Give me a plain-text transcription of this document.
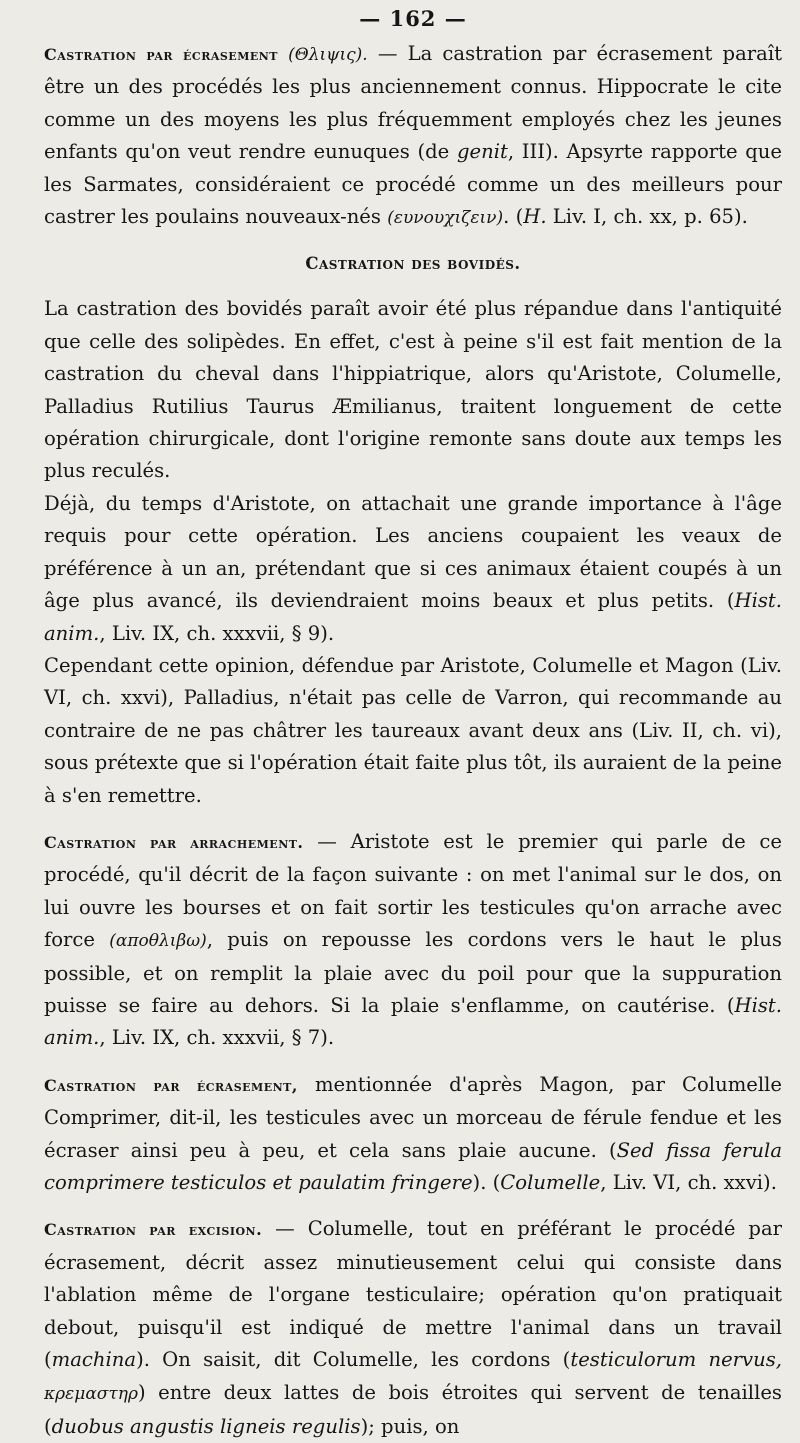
— 162 —

Castration par écrasement (Θλιψις). — La castration par écrasement paraît être un des procédés les plus anciennement connus. Hippocrate le cite comme un des moyens les plus fréquemment employés chez les jeunes enfants qu'on veut rendre eunuques (de genit, III). Apsyrte rapporte que les Sarmates, considéraient ce procédé comme un des meilleurs pour castrer les poulains nouveaux-nés (ευνουχιζειν). (H. Liv. I, ch. xx, p. 65).

Castration des bovidés.

La castration des bovidés paraît avoir été plus répandue dans l'antiquité que celle des solipèdes. En effet, c'est à peine s'il est fait mention de la castration du cheval dans l'hippiatrique, alors qu'Aristote, Columelle, Palladius Rutilius Taurus Æmilianus, traitent longuement de cette opération chirurgicale, dont l'origine remonte sans doute aux temps les plus reculés.

Déjà, du temps d'Aristote, on attachait une grande importance à l'âge requis pour cette opération. Les anciens coupaient les veaux de préférence à un an, prétendant que si ces animaux étaient coupés à un âge plus avancé, ils deviendraient moins beaux et plus petits. (Hist. anim., Liv. IX, ch. xxxvii, § 9).

Cependant cette opinion, défendue par Aristote, Columelle et Magon (Liv. VI, ch. xxvi), Palladius, n'était pas celle de Varron, qui recommande au contraire de ne pas châtrer les taureaux avant deux ans (Liv. II, ch. vi), sous prétexte que si l'opération était faite plus tôt, ils auraient de la peine à s'en remettre.

Castration par arrachement. — Aristote est le premier qui parle de ce procédé, qu'il décrit de la façon suivante : on met l'animal sur le dos, on lui ouvre les bourses et on fait sortir les testicules qu'on arrache avec force (αποθλιβω), puis on repousse les cordons vers le haut le plus possible, et on remplit la plaie avec du poil pour que la suppuration puisse se faire au dehors. Si la plaie s'enflamme, on cautérise. (Hist. anim., Liv. IX, ch. xxxvii, § 7).

Castration par écrasement, mentionnée d'après Magon, par Columelle Comprimer, dit-il, les testicules avec un morceau de férule fendue et les écraser ainsi peu à peu, et cela sans plaie aucune. (Sed fissa ferula comprimere testiculos et paulatim fringere). (Columelle, Liv. VI, ch. xxvi).

Castration par excision. — Columelle, tout en préférant le procédé par écrasement, décrit assez minutieusement celui qui consiste dans l'ablation même de l'organe testiculaire; opération qu'on pratiquait debout, puisqu'il est indiqué de mettre l'animal dans un travail (machina). On saisit, dit Columelle, les cordons (testiculorum nervus, κρεμαστηρ) entre deux lattes de bois étroites qui servent de tenailles (duobus angustis ligneis regulis); puis, on
